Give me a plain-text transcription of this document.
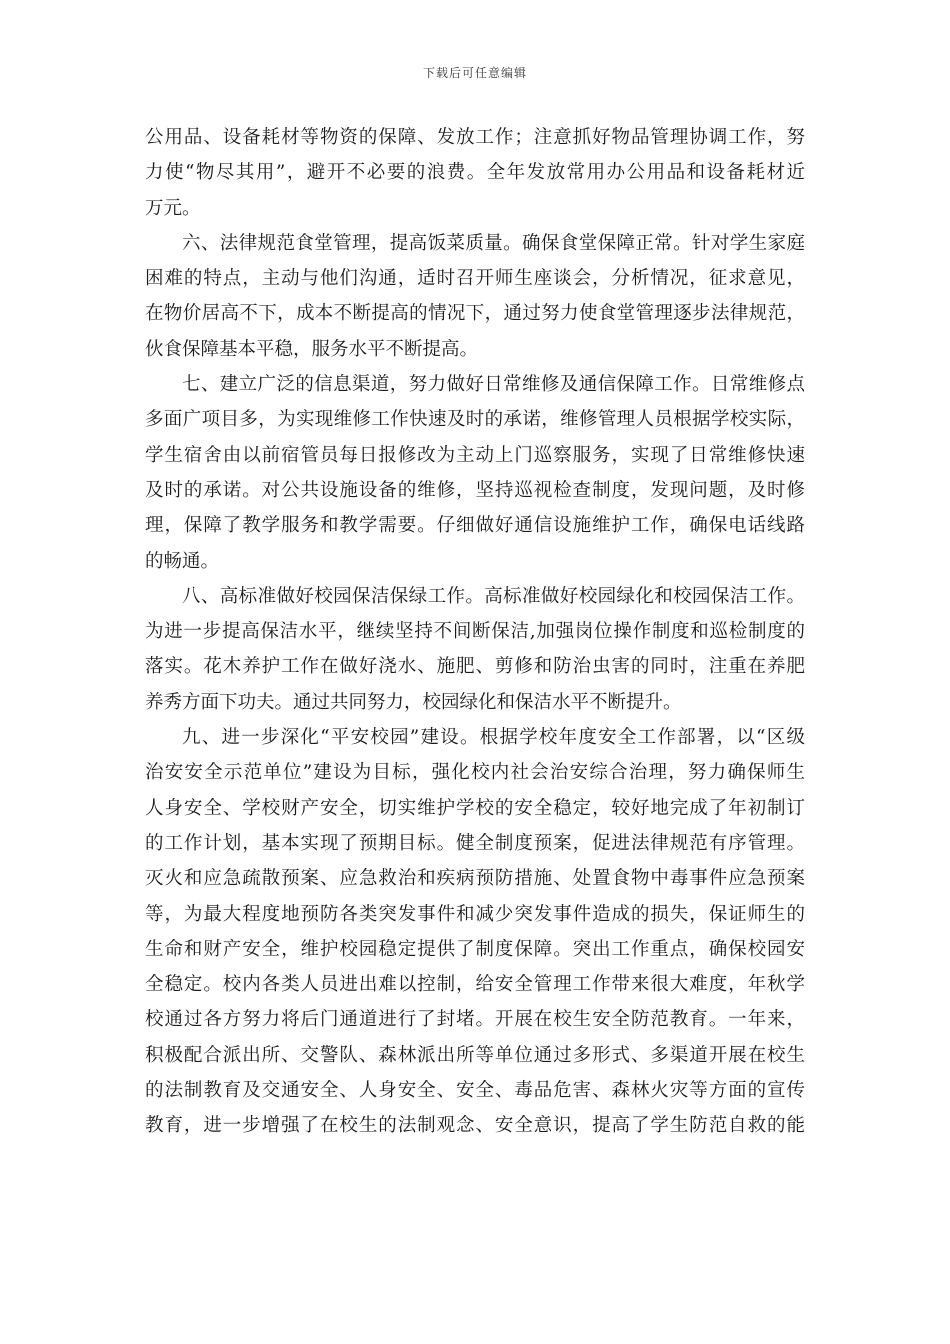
下载后可任意编辑

公用品、设备耗材等物资的保障、发放工作；注意抓好物品管理协调工作，努
力使“物尽其用”，避开不必要的浪费。全年发放常用办公用品和设备耗材近
万元。

六、法律规范食堂管理，提高饭菜质量。确保食堂保障正常。针对学生家庭
困难的特点，主动与他们沟通，适时召开师生座谈会，分析情况，征求意见，
在物价居高不下，成本不断提高的情况下，通过努力使食堂管理逐步法律规范，
伙食保障基本平稳，服务水平不断提高。

七、建立广泛的信息渠道，努力做好日常维修及通信保障工作。日常维修点
多面广项目多，为实现维修工作快速及时的承诺，维修管理人员根据学校实际，
学生宿舍由以前宿管员每日报修改为主动上门巡察服务，实现了日常维修快速
及时的承诺。对公共设施设备的维修，坚持巡视检查制度，发现问题，及时修
理，保障了教学服务和教学需要。仔细做好通信设施维护工作，确保电话线路
的畅通。

八、高标准做好校园保洁保绿工作。高标准做好校园绿化和校园保洁工作。
为进一步提高保洁水平，继续坚持不间断保洁,加强岗位操作制度和巡检制度的
落实。花木养护工作在做好浇水、施肥、剪修和防治虫害的同时，注重在养肥
养秀方面下功夫。通过共同努力，校园绿化和保洁水平不断提升。

九、进一步深化“平安校园”建设。根据学校年度安全工作部署，以“区级
治安安全示范单位”建设为目标，强化校内社会治安综合治理，努力确保师生
人身安全、学校财产安全，切实维护学校的安全稳定，较好地完成了年初制订
的工作计划，基本实现了预期目标。健全制度预案，促进法律规范有序管理。
灭火和应急疏散预案、应急救治和疾病预防措施、处置食物中毒事件应急预案
等，为最大程度地预防各类突发事件和减少突发事件造成的损失，保证师生的
生命和财产安全，维护校园稳定提供了制度保障。突出工作重点，确保校园安
全稳定。校内各类人员进出难以控制，给安全管理工作带来很大难度，年秋学
校通过各方努力将后门通道进行了封堵。开展在校生安全防范教育。一年来，
积极配合派出所、交警队、森林派出所等单位通过多形式、多渠道开展在校生
的法制教育及交通安全、人身安全、安全、毒品危害、森林火灾等方面的宣传
教育，进一步增强了在校生的法制观念、安全意识，提高了学生防范自救的能
